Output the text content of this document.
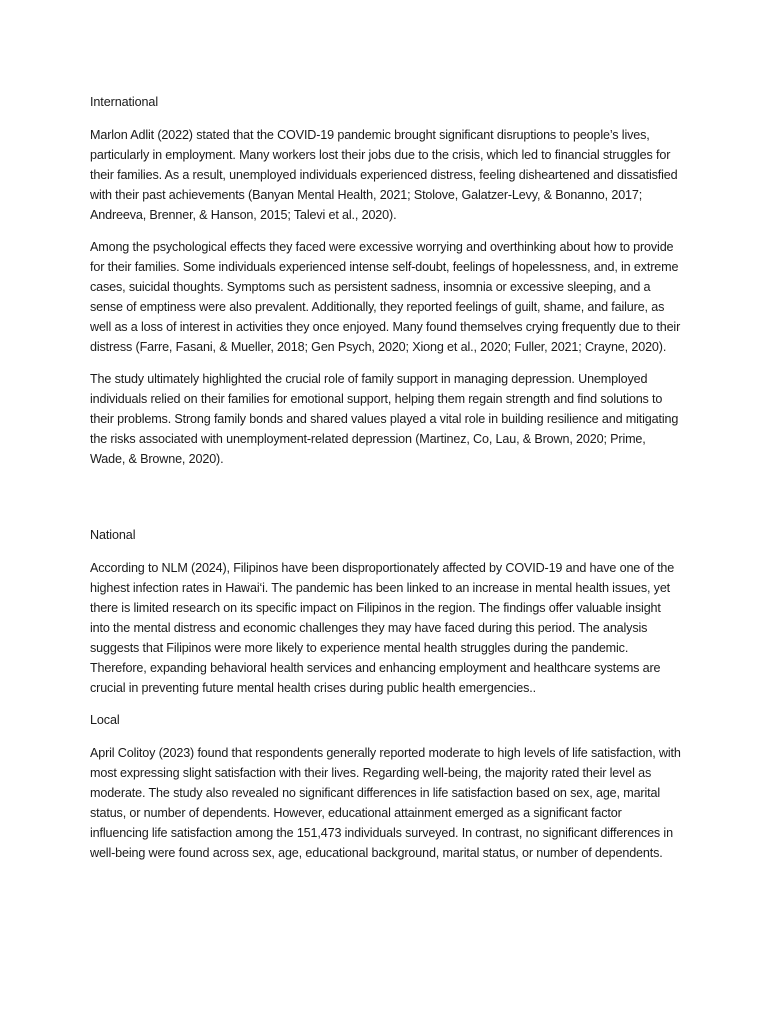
International

Marlon Adlit (2022) stated that the COVID-19 pandemic brought significant disruptions to people’s lives, particularly in employment. Many workers lost their jobs due to the crisis, which led to financial struggles for their families. As a result, unemployed individuals experienced distress, feeling disheartened and dissatisfied with their past achievements (Banyan Mental Health, 2021; Stolove, Galatzer-Levy, & Bonanno, 2017; Andreeva, Brenner, & Hanson, 2015; Talevi et al., 2020).

Among the psychological effects they faced were excessive worrying and overthinking about how to provide for their families. Some individuals experienced intense self-doubt, feelings of hopelessness, and, in extreme cases, suicidal thoughts. Symptoms such as persistent sadness, insomnia or excessive sleeping, and a sense of emptiness were also prevalent. Additionally, they reported feelings of guilt, shame, and failure, as well as a loss of interest in activities they once enjoyed. Many found themselves crying frequently due to their distress (Farre, Fasani, & Mueller, 2018; Gen Psych, 2020; Xiong et al., 2020; Fuller, 2021; Crayne, 2020).

The study ultimately highlighted the crucial role of family support in managing depression. Unemployed individuals relied on their families for emotional support, helping them regain strength and find solutions to their problems. Strong family bonds and shared values played a vital role in building resilience and mitigating the risks associated with unemployment-related depression (Martinez, Co, Lau, & Brown, 2020; Prime, Wade, & Browne, 2020).

National

According to NLM (2024), Filipinos have been disproportionately affected by COVID-19 and have one of the highest infection rates in Hawai‘i. The pandemic has been linked to an increase in mental health issues, yet there is limited research on its specific impact on Filipinos in the region. The findings offer valuable insight into the mental distress and economic challenges they may have faced during this period. The analysis suggests that Filipinos were more likely to experience mental health struggles during the pandemic. Therefore, expanding behavioral health services and enhancing employment and healthcare systems are crucial in preventing future mental health crises during public health emergencies..

Local

April Colitoy (2023) found that respondents generally reported moderate to high levels of life satisfaction, with most expressing slight satisfaction with their lives. Regarding well-being, the majority rated their level as moderate. The study also revealed no significant differences in life satisfaction based on sex, age, marital status, or number of dependents. However, educational attainment emerged as a significant factor influencing life satisfaction among the 151,473 individuals surveyed. In contrast, no significant differences in well-being were found across sex, age, educational background, marital status, or number of dependents.
